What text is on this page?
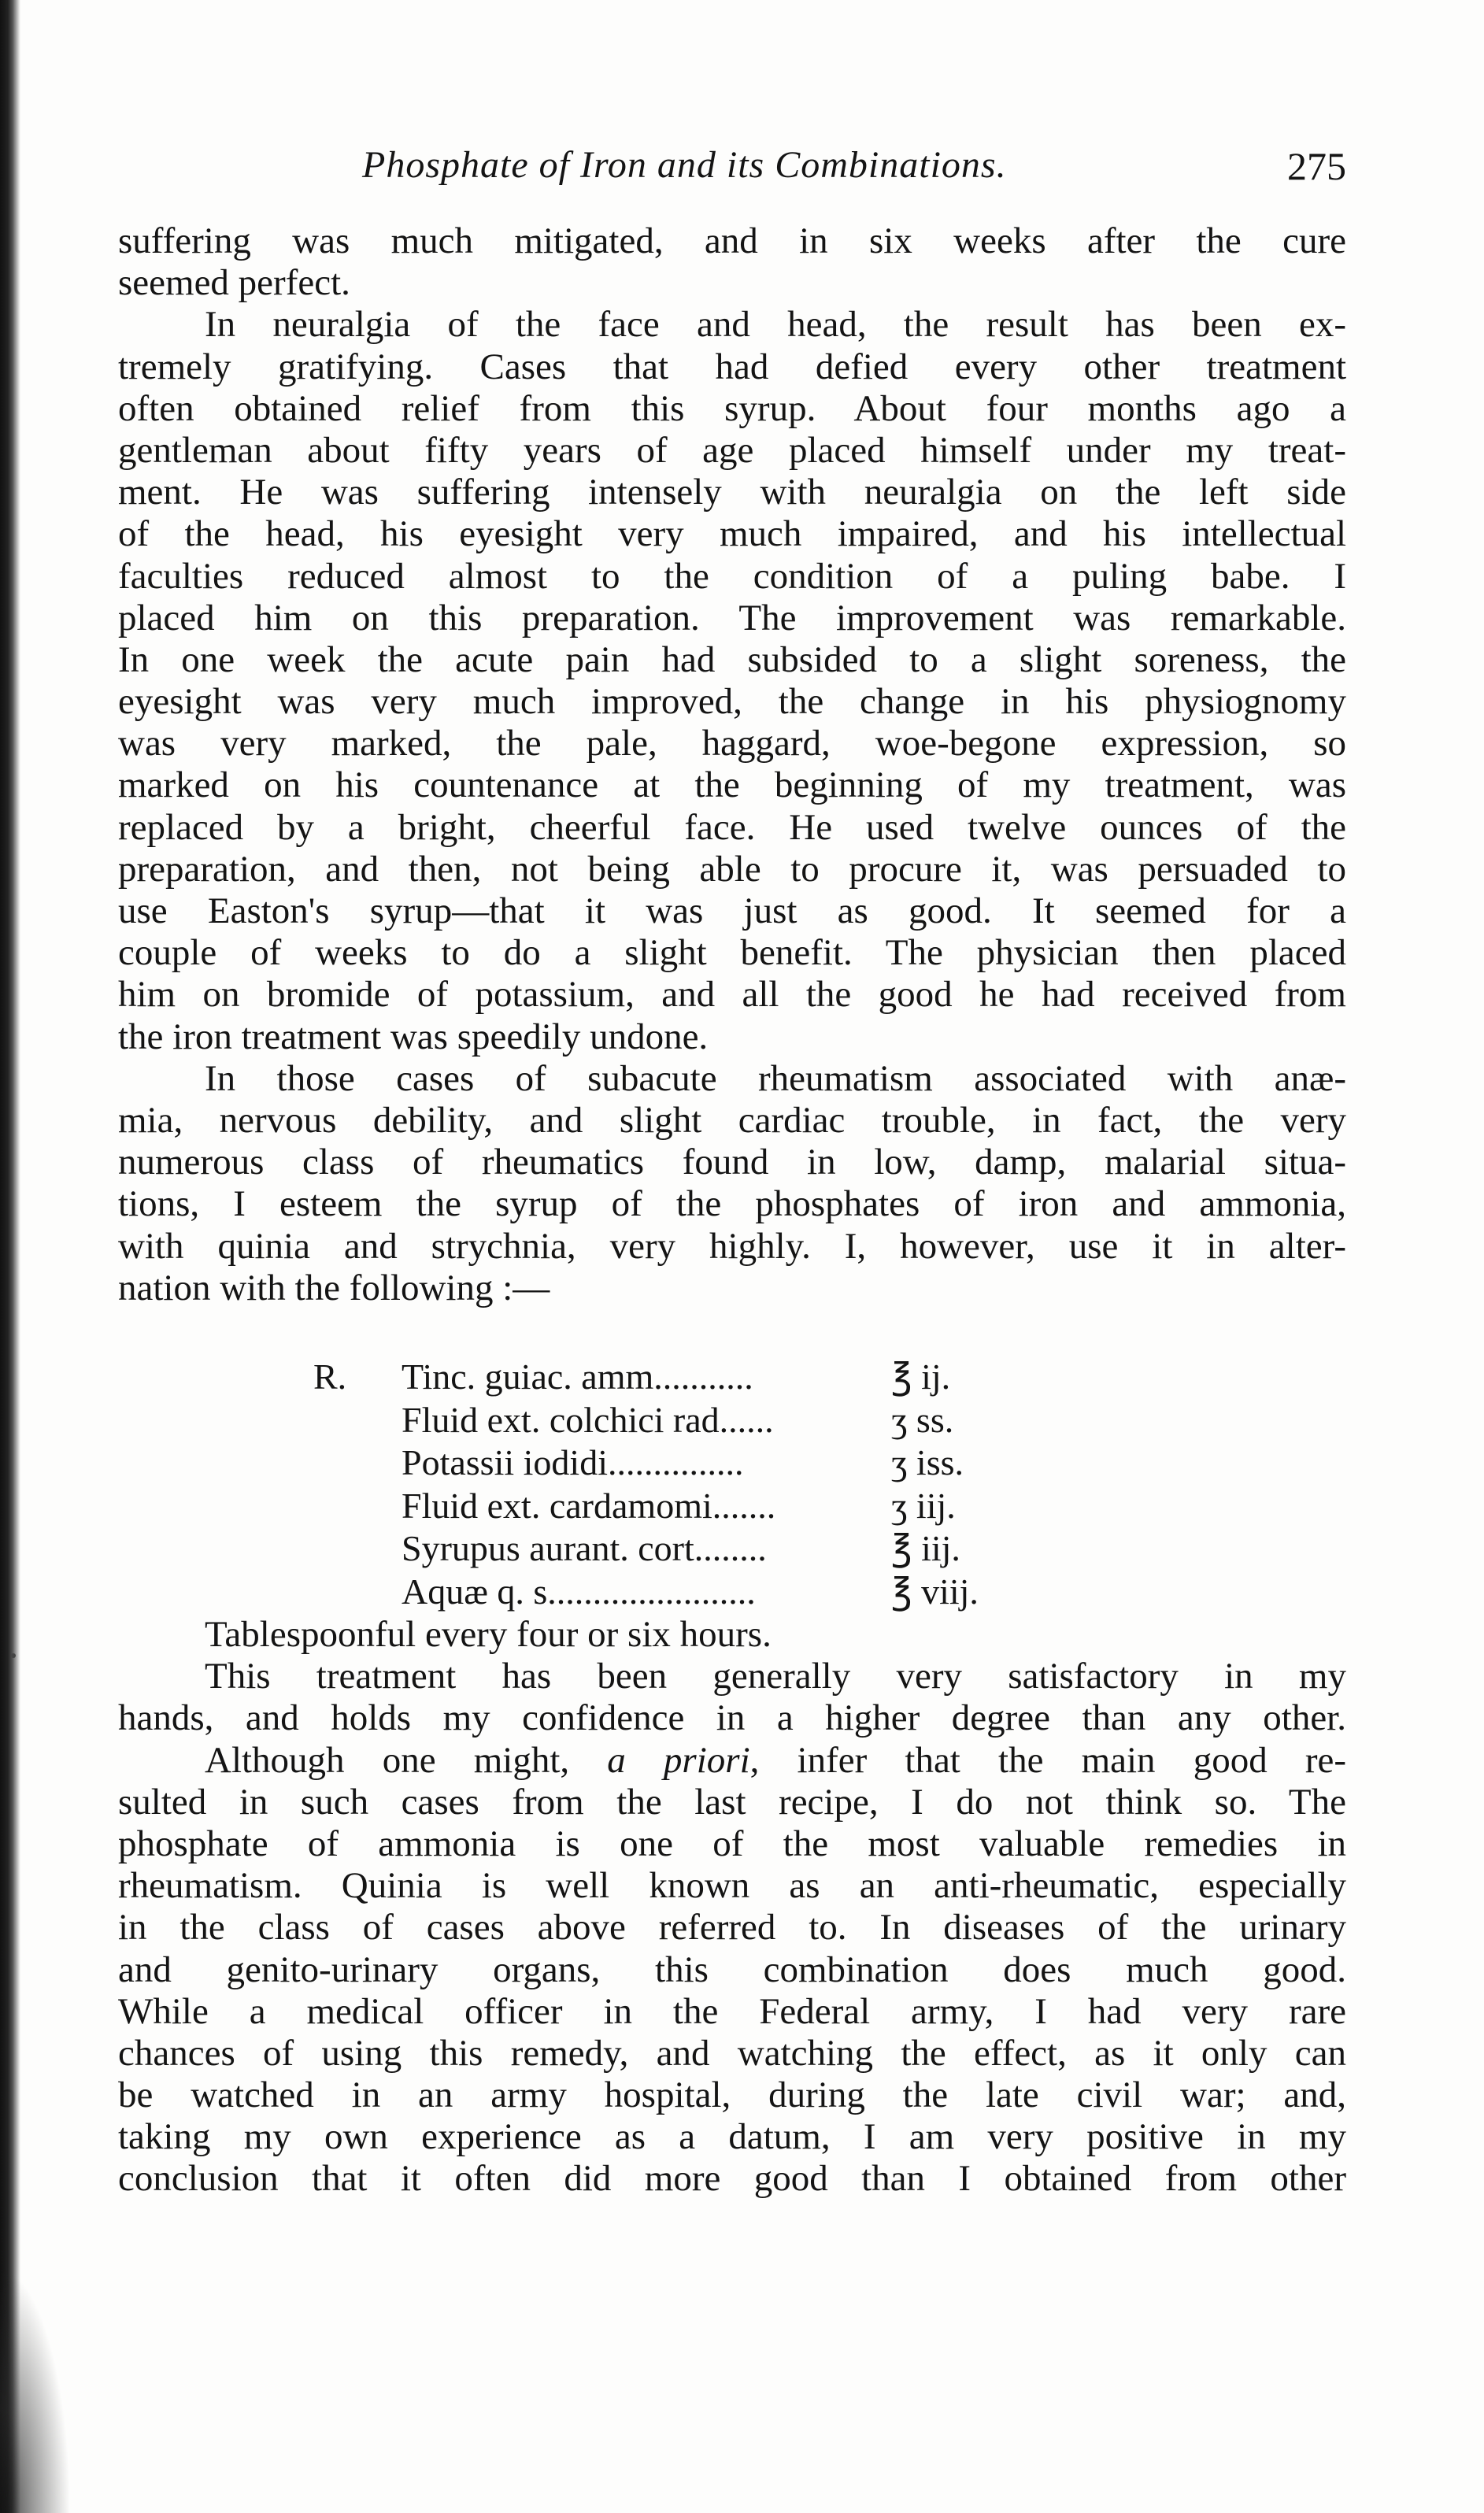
Phosphate of Iron and its Combinations.	275
suffering was much mitigated, and in six weeks after the cure
seemed perfect.
In neuralgia of the face and head, the result has been ex-
tremely gratifying. Cases that had defied every other treatment
often obtained relief from this syrup. About four months ago a
gentleman about fifty years of age placed himself under my treat-
ment. He was suffering intensely with neuralgia on the left side
of the head, his eyesight very much impaired, and his intellectual
faculties reduced almost to the condition of a puling babe. I
placed him on this preparation. The improvement was remarkable.
In one week the acute pain had subsided to a slight soreness, the
eyesight was very much improved, the change in his physiognomy
was very marked, the pale, haggard, woe-begone expression, so
marked on his countenance at the beginning of my treatment, was
replaced by a bright, cheerful face. He used twelve ounces of the
preparation, and then, not being able to procure it, was persuaded to
use Easton's syrup—that it was just as good. It seemed for a
couple of weeks to do a slight benefit. The physician then placed
him on bromide of potassium, and all the good he had received from
the iron treatment was speedily undone.
In those cases of subacute rheumatism associated with anæ-
mia, nervous debility, and slight cardiac trouble, in fact, the very
numerous class of rheumatics found in low, damp, malarial situa-
tions, I esteem the syrup of the phosphates of iron and ammonia,
with quinia and strychnia, very highly. I, however, use it in alter-
nation with the following :—
R. Tinc. guiac. amm...........	℥ ij.
Fluid ext. colchici rad......	ʒ ss.
Potassii iodidi...............	ʒ iss.
Fluid ext. cardamomi.......	ʒ iij.
Syrupus aurant. cort........	℥ iij.
Aquæ q. s.......................	℥ viij.
Tablespoonful every four or six hours.
This treatment has been generally very satisfactory in my
hands, and holds my confidence in a higher degree than any other.
Although one might, a priori, infer that the main good re-
sulted in such cases from the last recipe, I do not think so. The
phosphate of ammonia is one of the most valuable remedies in
rheumatism. Quinia is well known as an anti-rheumatic, especially
in the class of cases above referred to. In diseases of the urinary
and genito-urinary organs, this combination does much good.
While a medical officer in the Federal army, I had very rare
chances of using this remedy, and watching the effect, as it only can
be watched in an army hospital, during the late civil war; and,
taking my own experience as a datum, I am very positive in my
conclusion that it often did more good than I obtained from other
